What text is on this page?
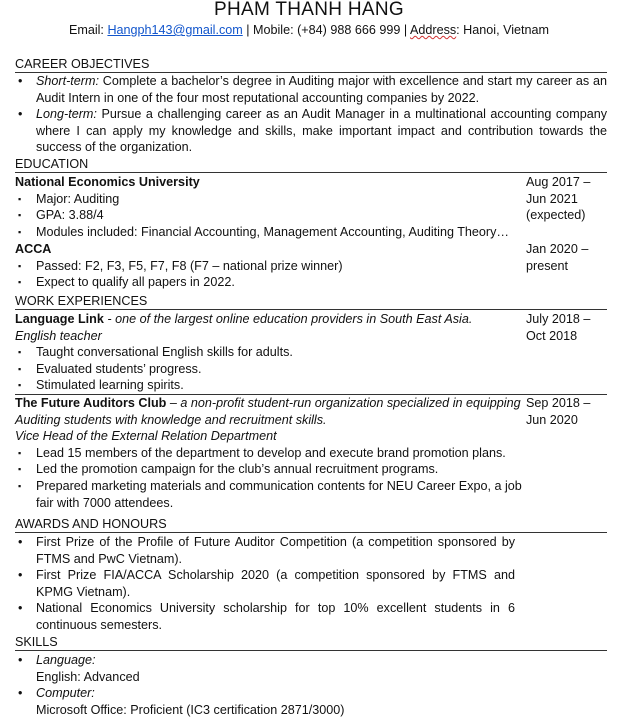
PHAM THANH HANG
Email: Hangph143@gmail.com | Mobile: (+84) 988 666 999 | Address: Hanoi, Vietnam
CAREER OBJECTIVES
• Short-term: Complete a bachelor’s degree in Auditing major with excellence and start my career as an Audit Intern in one of the four most reputational accounting companies by 2022.
• Long-term: Pursue a challenging career as an Audit Manager in a multinational accounting company where I can apply my knowledge and skills, make important impact and contribution towards the success of the organization.
EDUCATION
National Economics University
▪ Major: Auditing
▪ GPA: 3.88/4
▪ Modules included: Financial Accounting, Management Accounting, Auditing Theory…
Aug 2017 – Jun 2021 (expected)
ACCA
▪ Passed: F2, F3, F5, F7, F8 (F7 – national prize winner)
▪ Expect to qualify all papers in 2022.
Jan 2020 – present
WORK EXPERIENCES
Language Link - one of the largest online education providers in South East Asia.
English teacher
▪ Taught conversational English skills for adults.
▪ Evaluated students’ progress.
▪ Stimulated learning spirits.
July 2018 – Oct 2018
The Future Auditors Club – a non-profit student-run organization specialized in equipping Auditing students with knowledge and recruitment skills.
Vice Head of the External Relation Department
▪ Lead 15 members of the department to develop and execute brand promotion plans.
▪ Led the promotion campaign for the club’s annual recruitment programs.
▪ Prepared marketing materials and communication contents for NEU Career Expo, a job fair with 7000 attendees.
Sep 2018 – Jun 2020
AWARDS AND HONOURS
• First Prize of the Profile of Future Auditor Competition (a competition sponsored by FTMS and PwC Vietnam).
• First Prize FIA/ACCA Scholarship 2020 (a competition sponsored by FTMS and KPMG Vietnam).
• National Economics University scholarship for top 10% excellent students in 6 continuous semesters.
SKILLS
• Language:
English: Advanced
• Computer:
Microsoft Office: Proficient (IC3 certification 2871/3000)
